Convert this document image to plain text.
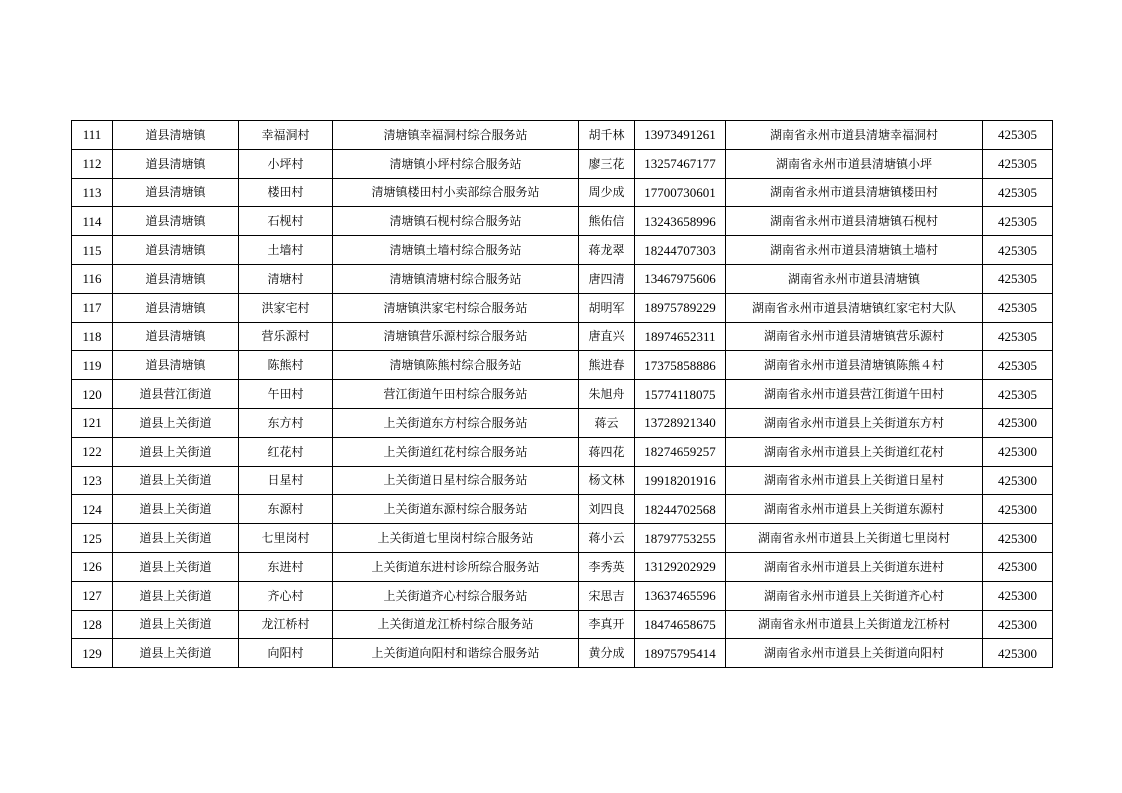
111	道县清塘镇	幸福洞村	清塘镇幸福洞村综合服务站	胡千林	13973491261	湖南省永州市道县清塘幸福洞村	425305
112	道县清塘镇	小坪村	清塘镇小坪村综合服务站	廖三花	13257467177	湖南省永州市道县清塘镇小坪	425305
113	道县清塘镇	楼田村	清塘镇楼田村小卖部综合服务站	周少成	17700730601	湖南省永州市道县清塘镇楼田村	425305
114	道县清塘镇	石枧村	清塘镇石枧村综合服务站	熊佑信	13243658996	湖南省永州市道县清塘镇石枧村	425305
115	道县清塘镇	土墙村	清塘镇土墙村综合服务站	蒋龙翠	18244707303	湖南省永州市道县清塘镇土墙村	425305
116	道县清塘镇	清塘村	清塘镇清塘村综合服务站	唐四清	13467975606	湖南省永州市道县清塘镇	425305
117	道县清塘镇	洪家宅村	清塘镇洪家宅村综合服务站	胡明军	18975789229	湖南省永州市道县清塘镇红家宅村大队	425305
118	道县清塘镇	营乐源村	清塘镇营乐源村综合服务站	唐直兴	18974652311	湖南省永州市道县清塘镇营乐源村	425305
119	道县清塘镇	陈熊村	清塘镇陈熊村综合服务站	熊进春	17375858886	湖南省永州市道县清塘镇陈熊４村	425305
120	道县营江街道	午田村	营江街道午田村综合服务站	朱旭舟	15774118075	湖南省永州市道县营江街道午田村	425305
121	道县上关街道	东方村	上关街道东方村综合服务站	蒋云	13728921340	湖南省永州市道县上关街道东方村	425300
122	道县上关街道	红花村	上关街道红花村综合服务站	蒋四花	18274659257	湖南省永州市道县上关街道红花村	425300
123	道县上关街道	日星村	上关街道日星村综合服务站	杨文林	19918201916	湖南省永州市道县上关街道日星村	425300
124	道县上关街道	东源村	上关街道东源村综合服务站	刘四良	18244702568	湖南省永州市道县上关街道东源村	425300
125	道县上关街道	七里岗村	上关街道七里岗村综合服务站	蒋小云	18797753255	湖南省永州市道县上关街道七里岗村	425300
126	道县上关街道	东进村	上关街道东进村诊所综合服务站	李秀英	13129202929	湖南省永州市道县上关街道东进村	425300
127	道县上关街道	齐心村	上关街道齐心村综合服务站	宋思吉	13637465596	湖南省永州市道县上关街道齐心村	425300
128	道县上关街道	龙江桥村	上关街道龙江桥村综合服务站	李真开	18474658675	湖南省永州市道县上关街道龙江桥村	425300
129	道县上关街道	向阳村	上关街道向阳村和谐综合服务站	黄分成	18975795414	湖南省永州市道县上关街道向阳村	425300
